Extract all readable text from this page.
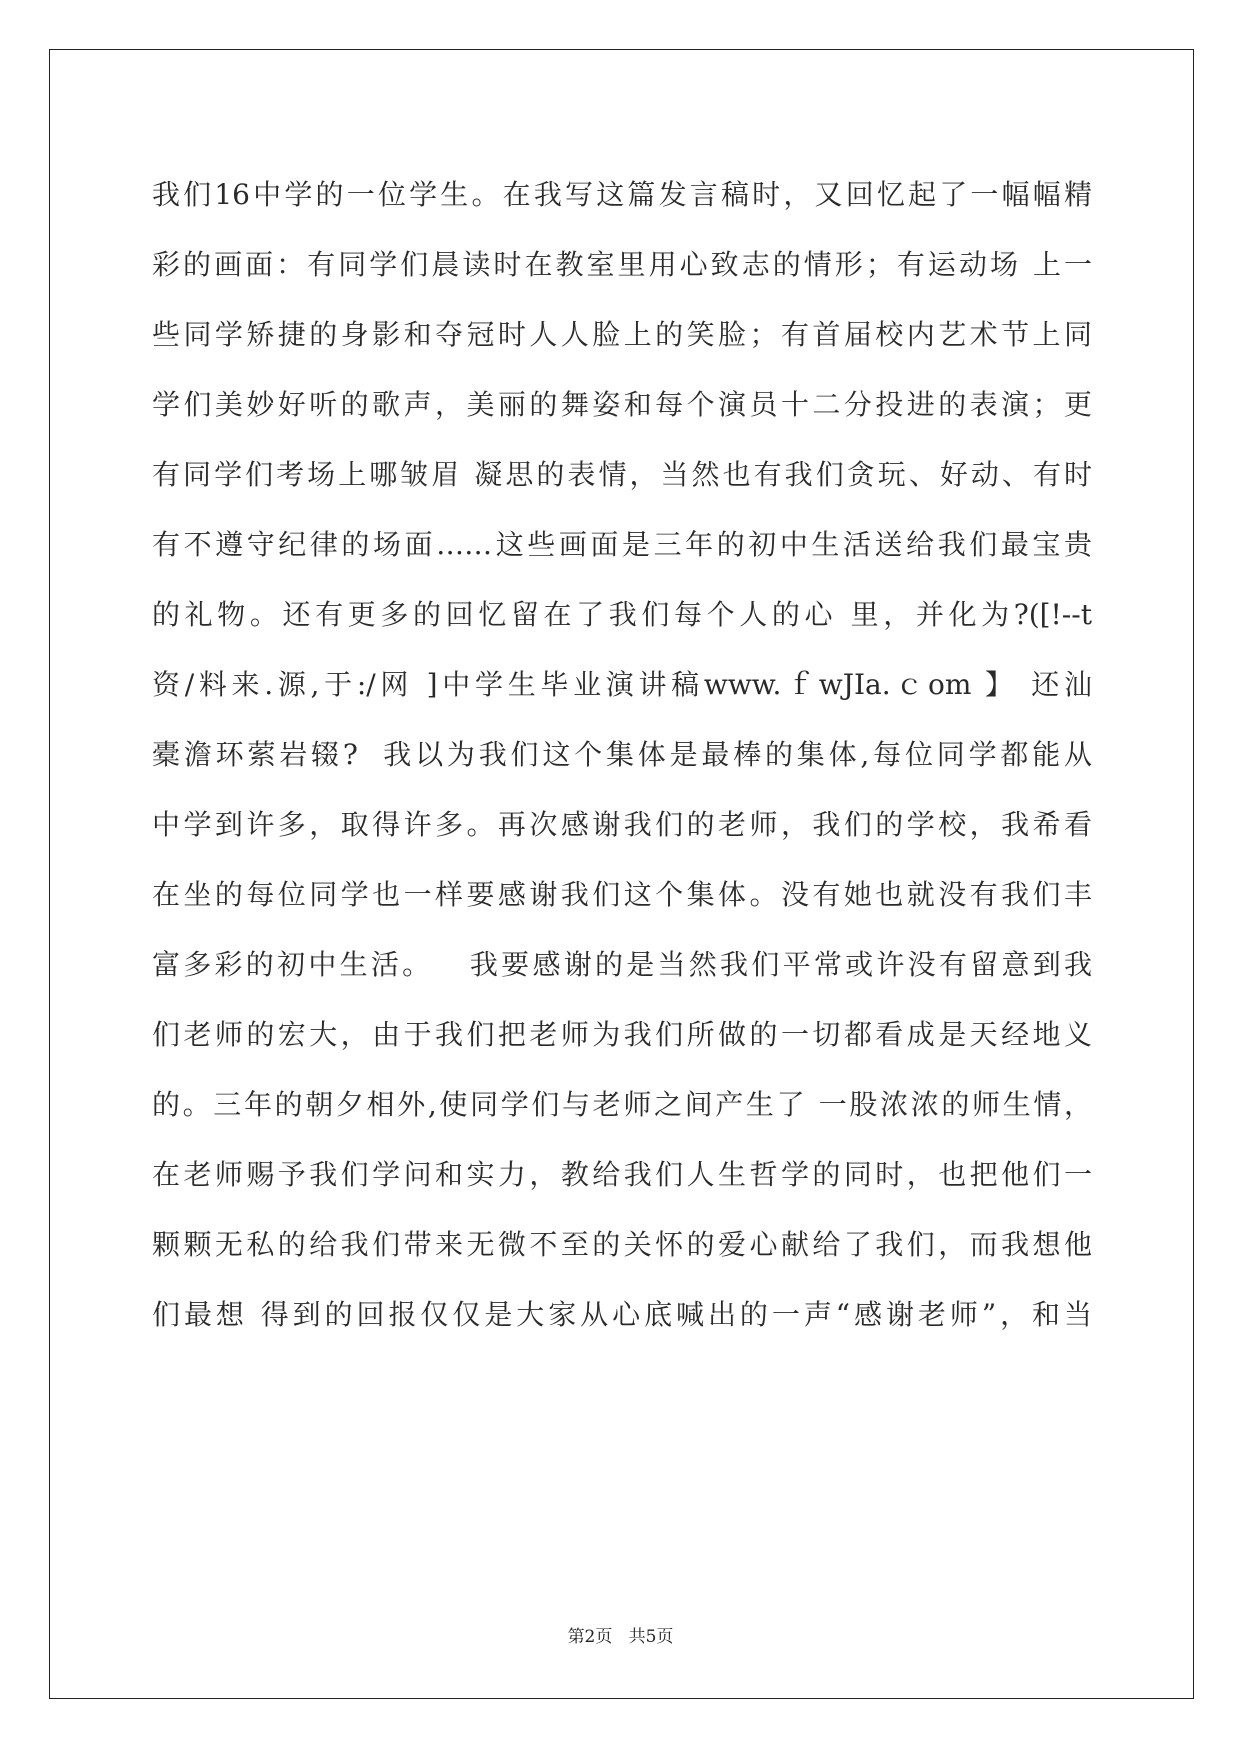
我们16中学的一位学生。在我写这篇发言稿时，又回忆起了一幅幅精
彩的画面：有同学们晨读时在教室里用心致志的情形；有运动场 上一
些同学矫捷的身影和夺冠时人人脸上的笑脸；有首届校内艺术节上同
学们美妙好听的歌声，美丽的舞姿和每个演员十二分投进的表演；更
有同学们考场上哪皱眉 凝思的表情，当然也有我们贪玩、好动、有时
有不遵守纪律的场面……这些画面是三年的初中生活送给我们最宝贵
的礼物。还有更多的回忆留在了我们每个人的心 里，并化为?([!--t
资/料来.源,于:/网 ]中学生毕业演讲稿www.ｆwJIa.ｃom 】 还汕
橐澹环萦岩辍?  我以为我们这个集体是最棒的集体,每位同学都能从
中学到许多，取得许多。再次感谢我们的老师，我们的学校，我希看
在坐的每位同学也一样要感谢我们这个集体。没有她也就没有我们丰
富多彩的初中生活。   我要感谢的是当然我们平常或许没有留意到我
们老师的宏大，由于我们把老师为我们所做的一切都看成是天经地义
的。三年的朝夕相外,使同学们与老师之间产生了 一股浓浓的师生情，
在老师赐予我们学问和实力，教给我们人生哲学的同时，也把他们一
颗颗无私的给我们带来无微不至的关怀的爱心献给了我们，而我想他
们最想 得到的回报仅仅是大家从心底喊出的一声“感谢老师”，和当
第2页 共5页
